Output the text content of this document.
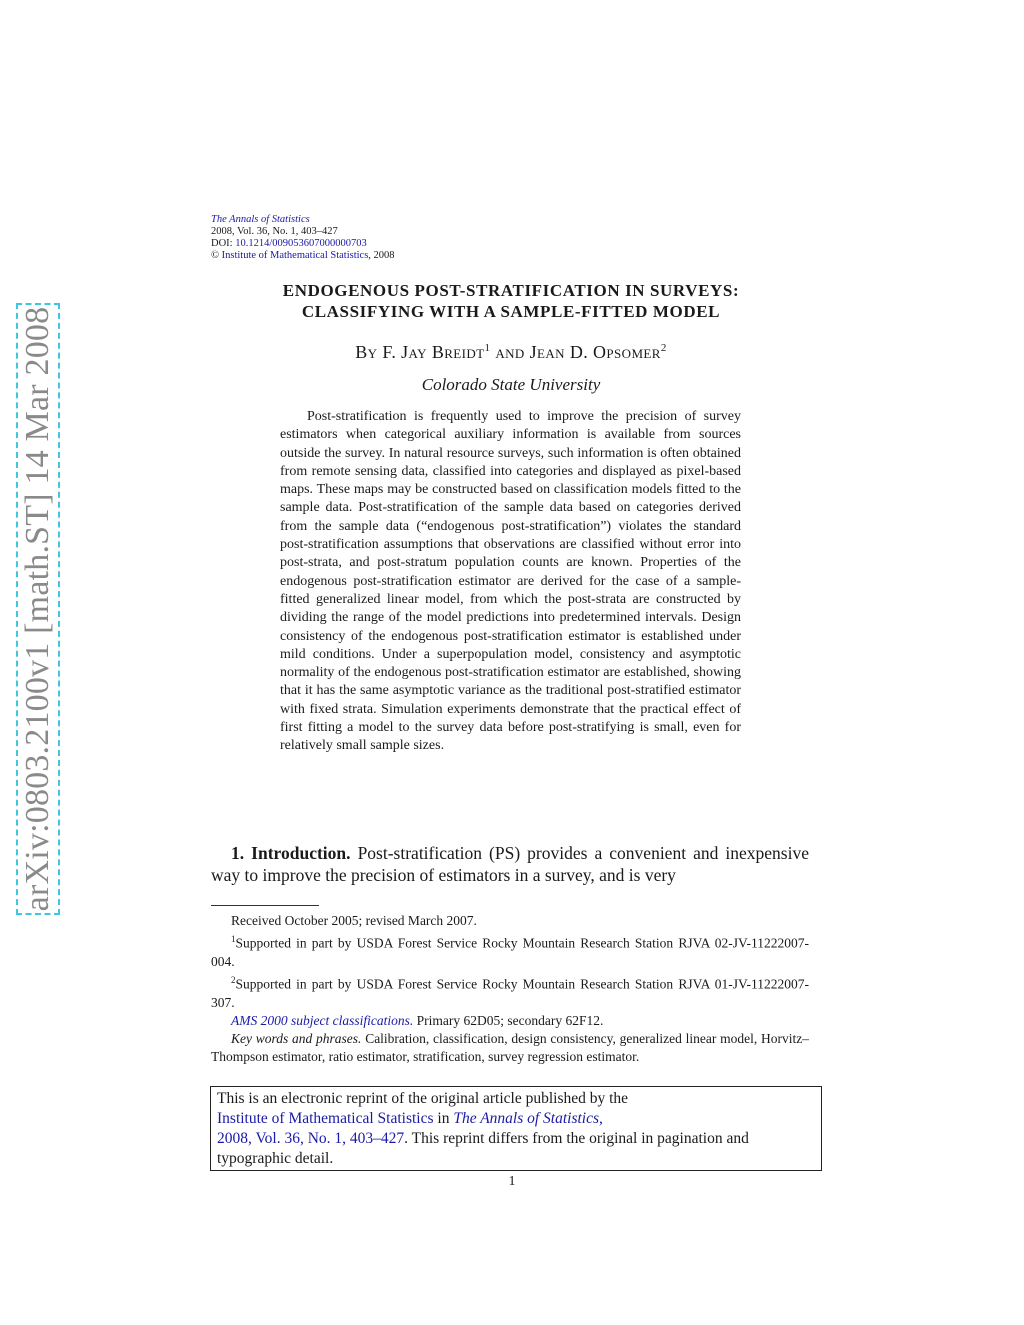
arXiv:0803.2100v1 [math.ST] 14 Mar 2008
The Annals of Statistics
2008, Vol. 36, No. 1, 403–427
DOI: 10.1214/009053607000000703
© Institute of Mathematical Statistics, 2008
ENDOGENOUS POST-STRATIFICATION IN SURVEYS:
CLASSIFYING WITH A SAMPLE-FITTED MODEL
By F. Jay Breidt$^1$ and Jean D. Opsomer$^2$
Colorado State University

Post-stratification is frequently used to improve the precision of survey estimators when categorical auxiliary information is available from sources outside the survey. In natural resource surveys, such information is often obtained from remote sensing data, classified into categories and displayed as pixel-based maps. These maps may be constructed based on classification models fitted to the sample data. Post-stratification of the sample data based on categories derived from the sample data (“endogenous post-stratification”) violates the standard post-stratification assumptions that observations are classified without error into post-strata, and post-stratum population counts are known. Properties of the endogenous post-stratification estimator are derived for the case of a sample-fitted generalized linear model, from which the post-strata are constructed by dividing the range of the model predictions into predetermined intervals. Design consistency of the endogenous post-stratification estimator is established under mild conditions. Under a superpopulation model, consistency and asymptotic normality of the endogenous post-stratification estimator are established, showing that it has the same asymptotic variance as the traditional post-stratified estimator with fixed strata. Simulation experiments demonstrate that the practical effect of first fitting a model to the survey data before post-stratifying is small, even for relatively small sample sizes.

1. Introduction. Post-stratification (PS) provides a convenient and inexpensive way to improve the precision of estimators in a survey, and is very

Received October 2005; revised March 2007.

$^1$Supported in part by USDA Forest Service Rocky Mountain Research Station RJVA 02-JV-11222007-004.

$^2$Supported in part by USDA Forest Service Rocky Mountain Research Station RJVA 01-JV-11222007-307.

AMS 2000 subject classifications. Primary 62D05; secondary 62F12.

Key words and phrases. Calibration, classification, design consistency, generalized linear model, Horvitz–Thompson estimator, ratio estimator, stratification, survey regression estimator.

This is an electronic reprint of the original article published by the
Institute of Mathematical Statistics in The Annals of Statistics,
2008, Vol. 36, No. 1, 403–427. This reprint differs from the original in pagination and typographic detail.
1
